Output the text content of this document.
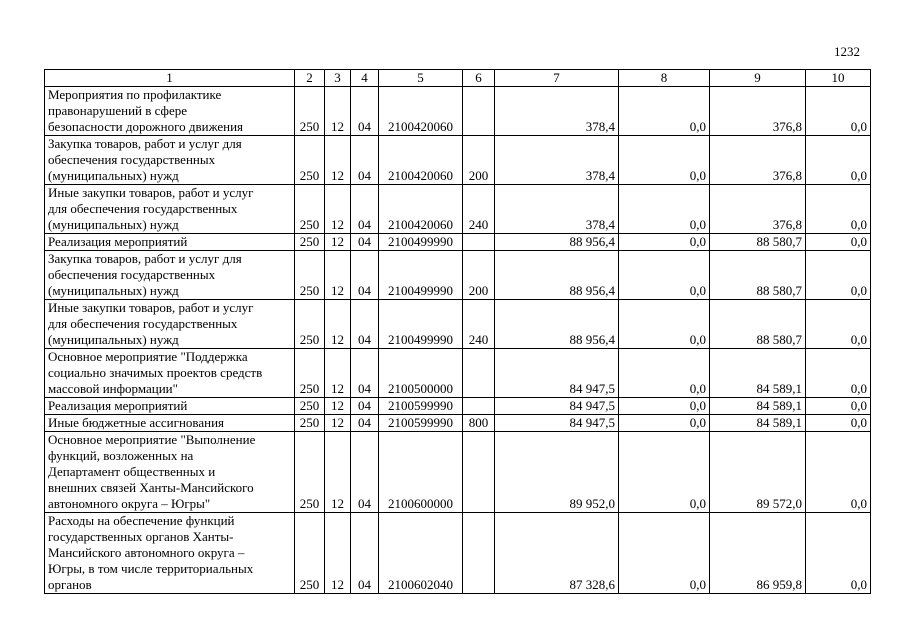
1232
1	2	3	4	5	6	7	8	9	10
Мероприятия по профилактике
правонарушений в сфере
безопасности дорожного движения	250	12	04	2100420060		378,4	0,0	376,8	0,0
Закупка товаров, работ и услуг для
обеспечения государственных
(муниципальных) нужд	250	12	04	2100420060	200	378,4	0,0	376,8	0,0
Иные закупки товаров, работ и услуг
для обеспечения государственных
(муниципальных) нужд	250	12	04	2100420060	240	378,4	0,0	376,8	0,0
Реализация мероприятий	250	12	04	2100499990		88 956,4	0,0	88 580,7	0,0
Закупка товаров, работ и услуг для
обеспечения государственных
(муниципальных) нужд	250	12	04	2100499990	200	88 956,4	0,0	88 580,7	0,0
Иные закупки товаров, работ и услуг
для обеспечения государственных
(муниципальных) нужд	250	12	04	2100499990	240	88 956,4	0,0	88 580,7	0,0
Основное мероприятие "Поддержка
социально значимых проектов средств
массовой информации"	250	12	04	2100500000		84 947,5	0,0	84 589,1	0,0
Реализация мероприятий	250	12	04	2100599990		84 947,5	0,0	84 589,1	0,0
Иные бюджетные ассигнования	250	12	04	2100599990	800	84 947,5	0,0	84 589,1	0,0
Основное мероприятие "Выполнение
функций, возложенных на
Департамент общественных и
внешних связей Ханты-Мансийского
автономного округа – Югры"	250	12	04	2100600000		89 952,0	0,0	89 572,0	0,0
Расходы на обеспечение функций
государственных органов Ханты-
Мансийского автономного округа –
Югры, в том числе территориальных
органов	250	12	04	2100602040		87 328,6	0,0	86 959,8	0,0
